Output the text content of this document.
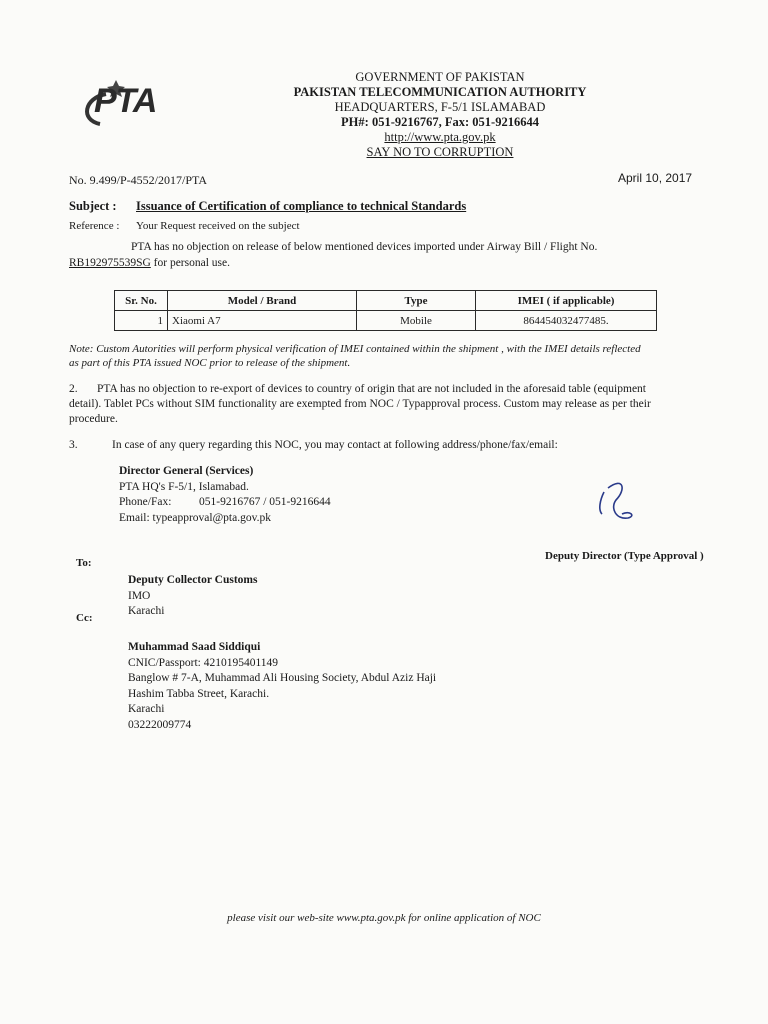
PTA
GOVERNMENT OF PAKISTAN
PAKISTAN TELECOMMUNICATION AUTHORITY
HEADQUARTERS, F-5/1 ISLAMABAD
PH#: 051-9216767, Fax: 051-9216644
http://www.pta.gov.pk
SAY NO TO CORRUPTION
No. 9.499/P-4552/2017/PTA	April 10, 2017
Subject : Issuance of Certification of compliance to technical Standards
Reference : Your Request received on the subject
PTA has no objection on release of below mentioned devices imported under Airway Bill / Flight No.
RB192975539SG for personal use.
Sr. No.	Model / Brand	Type	IMEI ( if applicable)
1	Xiaomi A7	Mobile	864454032477485.
Note: Custom Autorities will perform physical verification of IMEI contained within the shipment , with the IMEI details reflected
as part of this PTA issued NOC prior to release of the shipment.
2. PTA has no objection to re-export of devices to country of origin that are not included in the aforesaid table (equipment
detail). Tablet PCs without SIM functionality are exempted from NOC / Typapproval process. Custom may release as per their
procedure.
3.	In case of any query regarding this NOC, you may contact at following address/phone/fax/email:
Director General (Services)
PTA HQ's F-5/1, Islamabad.
Phone/Fax: 051-9216767 / 051-9216644
Email: typeapproval@pta.gov.pk
Deputy Director (Type Approval )
To:
Deputy Collector Customs
IMO
Karachi
Cc:
Muhammad Saad Siddiqui
CNIC/Passport: 4210195401149
Banglow # 7-A, Muhammad Ali Housing Society, Abdul Aziz Haji
Hashim Tabba Street, Karachi.
Karachi
03222009774
please visit our web-site www.pta.gov.pk for online application of NOC
